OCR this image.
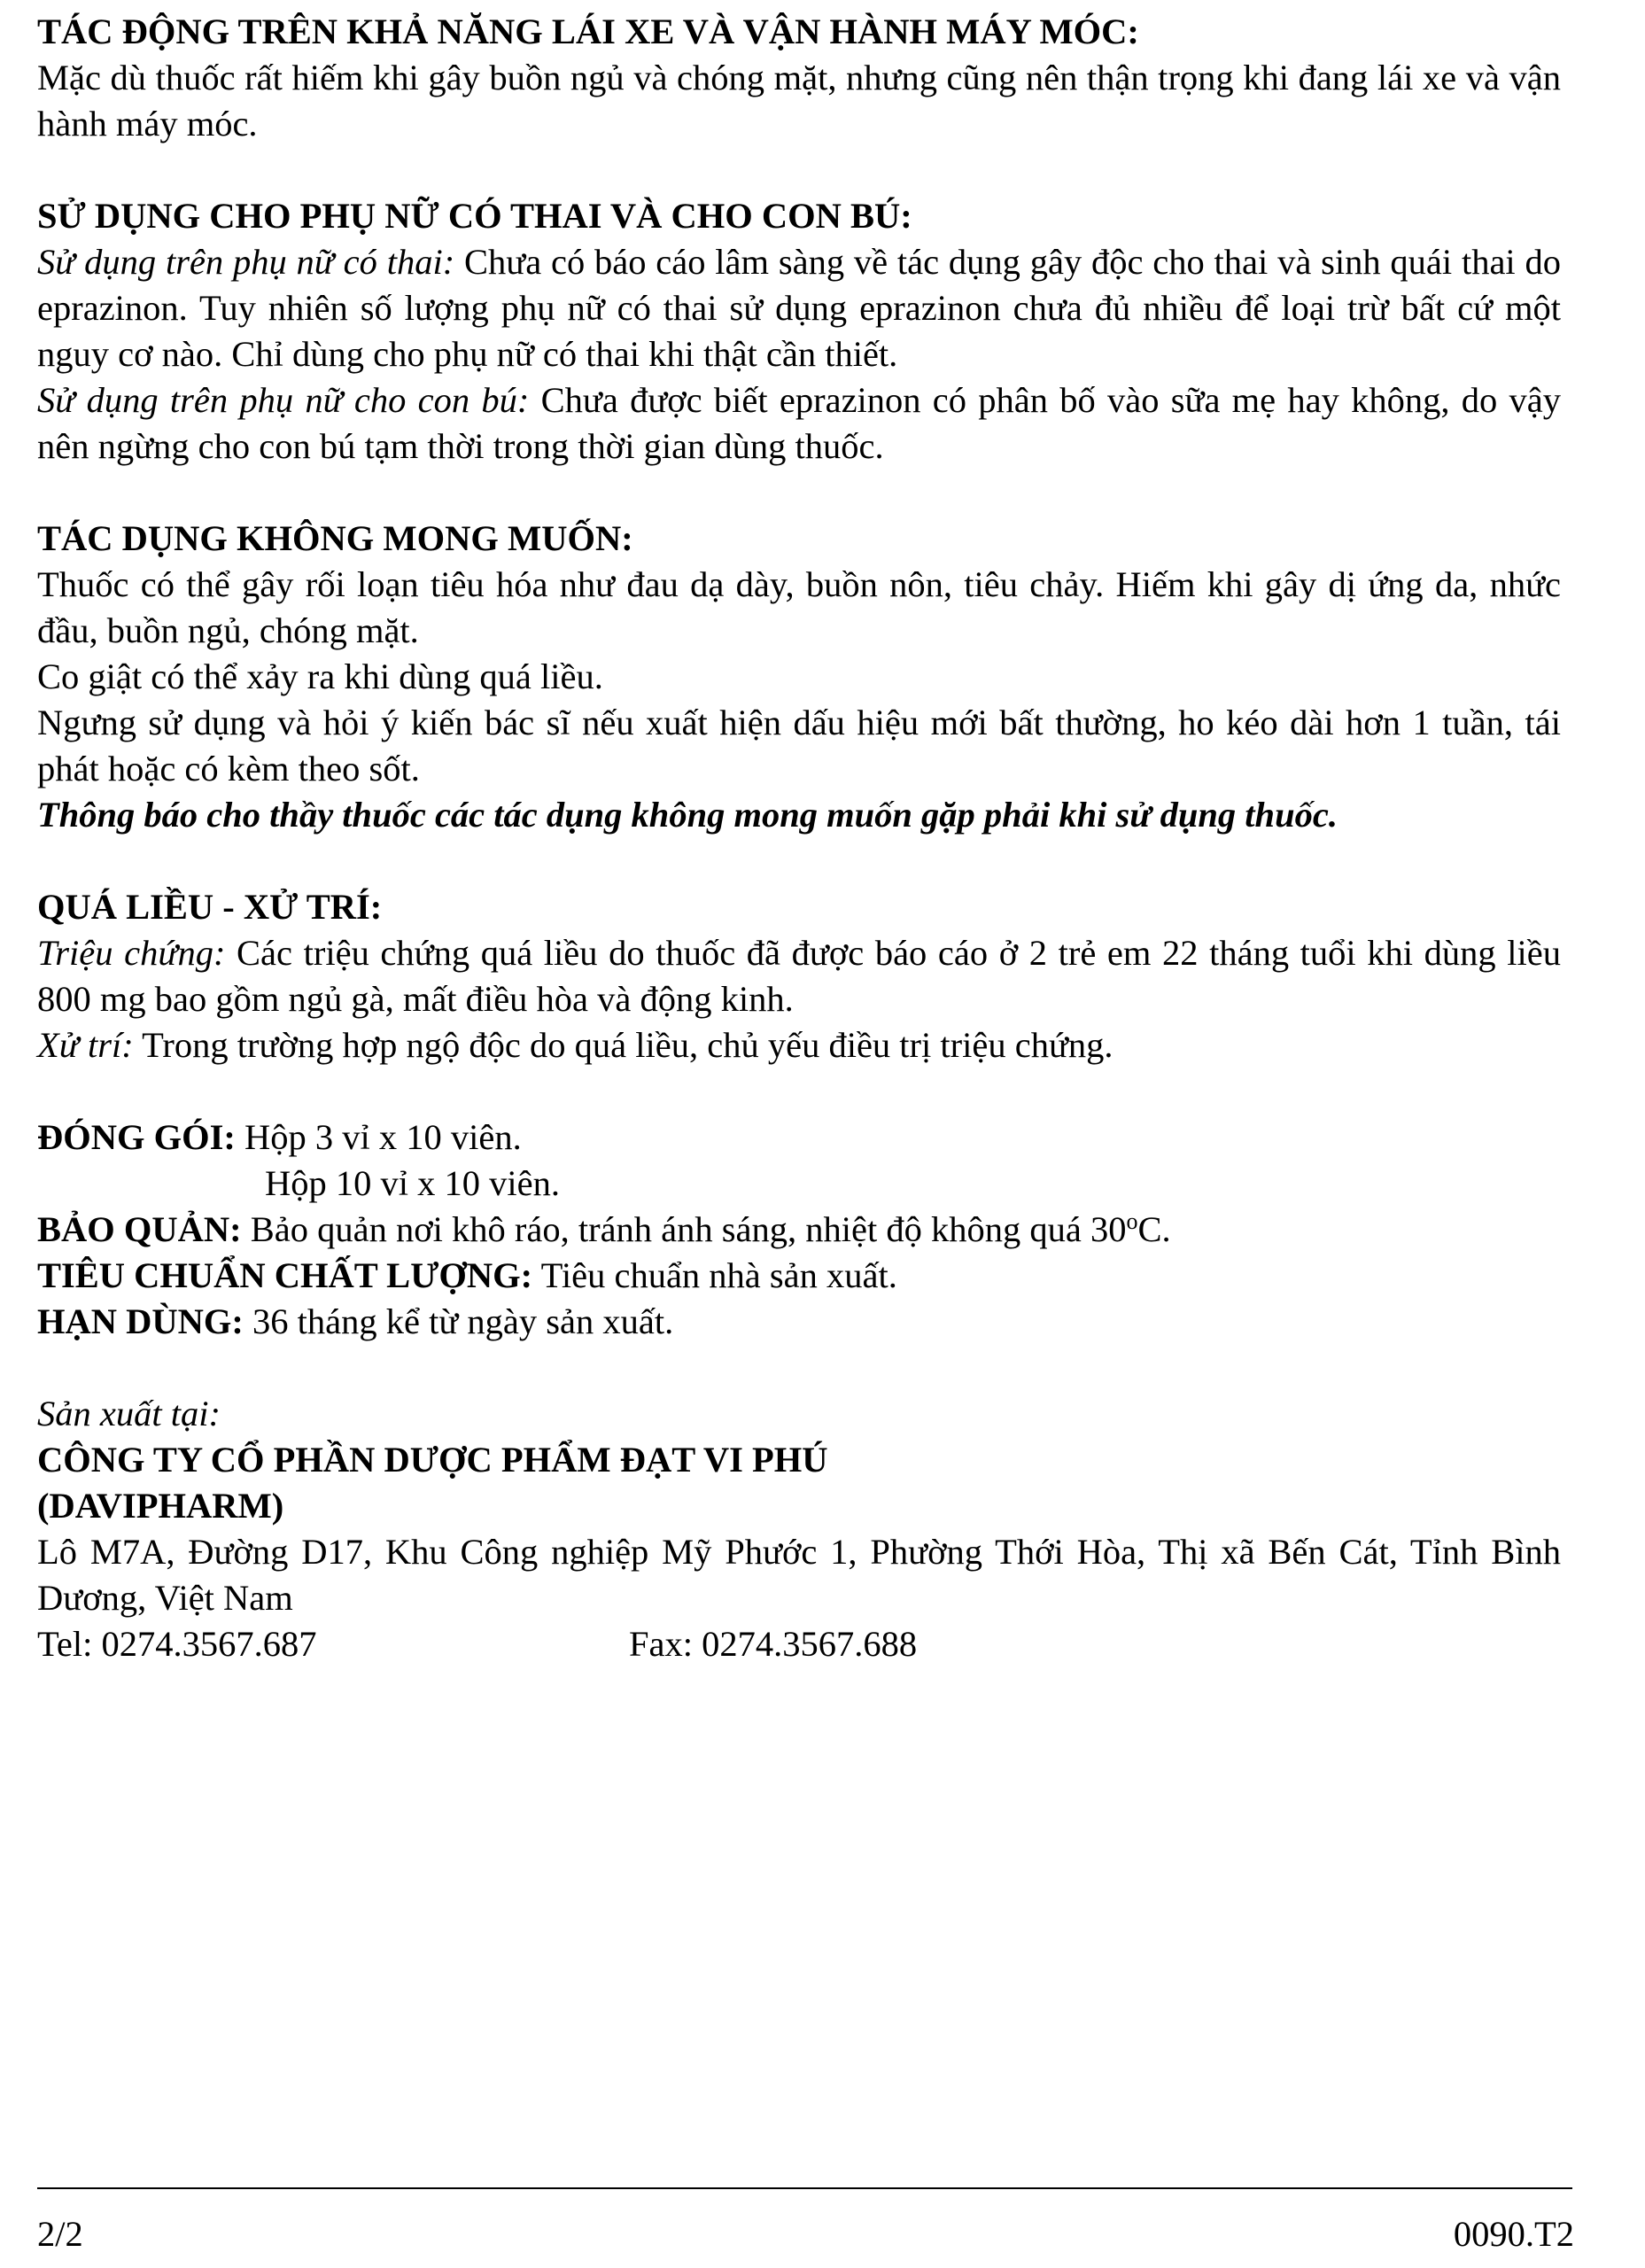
TÁC ĐỘNG TRÊN KHẢ NĂNG LÁI XE VÀ VẬN HÀNH MÁY MÓC:

Mặc dù thuốc rất hiếm khi gây buồn ngủ và chóng mặt, nhưng cũng nên thận trọng khi đang lái xe và vận hành máy móc.

SỬ DỤNG CHO PHỤ NỮ CÓ THAI VÀ CHO CON BÚ:

Sử dụng trên phụ nữ có thai: Chưa có báo cáo lâm sàng về tác dụng gây độc cho thai và sinh quái thai do eprazinon. Tuy nhiên số lượng phụ nữ có thai sử dụng eprazinon chưa đủ nhiều để loại trừ bất cứ một nguy cơ nào. Chỉ dùng cho phụ nữ có thai khi thật cần thiết.

Sử dụng trên phụ nữ cho con bú: Chưa được biết eprazinon có phân bố vào sữa mẹ hay không, do vậy nên ngừng cho con bú tạm thời trong thời gian dùng thuốc.

TÁC DỤNG KHÔNG MONG MUỐN:

Thuốc có thể gây rối loạn tiêu hóa như đau dạ dày, buồn nôn, tiêu chảy. Hiếm khi gây dị ứng da, nhức đầu, buồn ngủ, chóng mặt.

Co giật có thể xảy ra khi dùng quá liều.

Ngưng sử dụng và hỏi ý kiến bác sĩ nếu xuất hiện dấu hiệu mới bất thường, ho kéo dài hơn 1 tuần, tái phát hoặc có kèm theo sốt.

Thông báo cho thầy thuốc các tác dụng không mong muốn gặp phải khi sử dụng thuốc.

QUÁ LIỀU - XỬ TRÍ:

Triệu chứng: Các triệu chứng quá liều do thuốc đã được báo cáo ở 2 trẻ em 22 tháng tuổi khi dùng liều 800 mg bao gồm ngủ gà, mất điều hòa và động kinh.

Xử trí: Trong trường hợp ngộ độc do quá liều, chủ yếu điều trị triệu chứng.

ĐÓNG GÓI: Hộp 3 vỉ x 10 viên.

Hộp 10 vỉ x 10 viên.

BẢO QUẢN: Bảo quản nơi khô ráo, tránh ánh sáng, nhiệt độ không quá 30$^o$C.

TIÊU CHUẨN CHẤT LƯỢNG: Tiêu chuẩn nhà sản xuất.

HẠN DÙNG: 36 tháng kể từ ngày sản xuất.

Sản xuất tại:
CÔNG TY CỔ PHẦN DƯỢC PHẨM ĐẠT VI PHÚ
(DAVIPHARM)

Lô M7A, Đường D17, Khu Công nghiệp Mỹ Phước 1, Phường Thới Hòa, Thị xã Bến Cát, Tỉnh Bình Dương, Việt Nam

Tel: 0274.3567.687	Fax: 0274.3567.688
2/2	0090.T2
